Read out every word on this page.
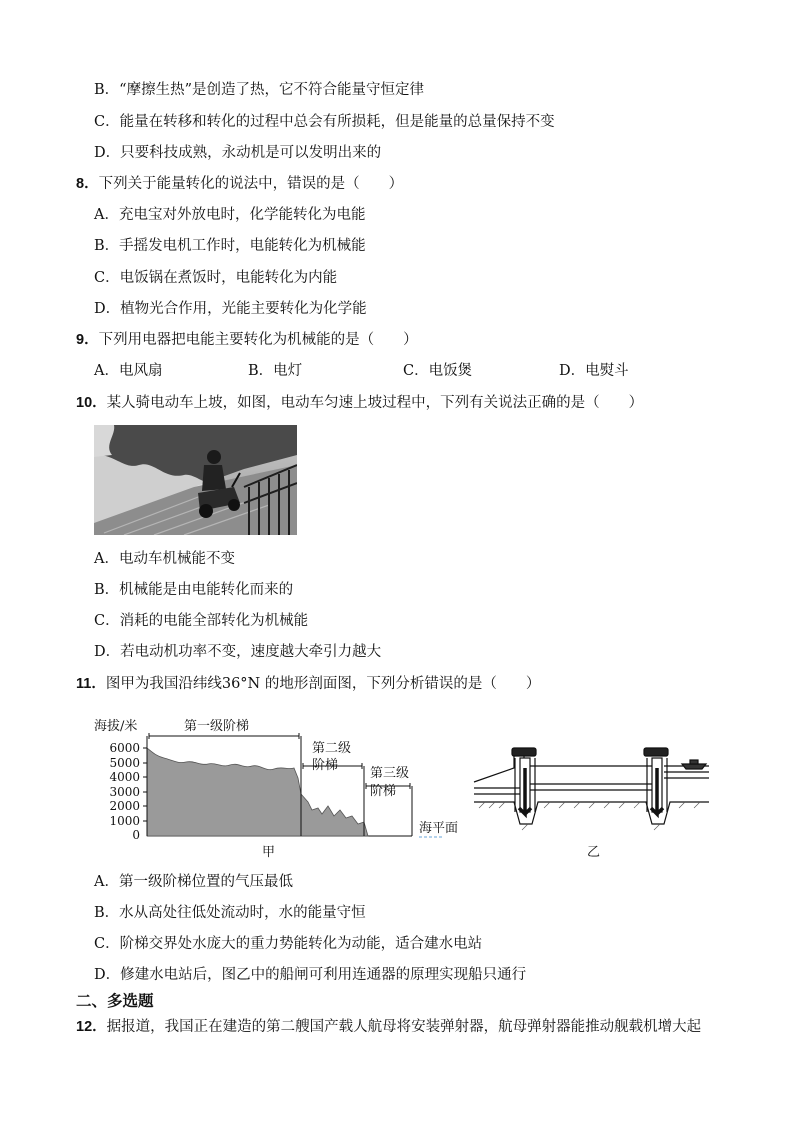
B．“摩擦生热”是创造了热，它不符合能量守恒定律
C．能量在转移和转化的过程中总会有所损耗，但是能量的总量保持不变
D．只要科技成熟，永动机是可以发明出来的
8．下列关于能量转化的说法中，错误的是（　　）
A．充电宝对外放电时，化学能转化为电能
B．手摇发电机工作时，电能转化为机械能
C．电饭锅在煮饭时，电能转化为内能
D．植物光合作用，光能主要转化为化学能
9．下列用电器把电能主要转化为机械能的是（　　）
A．电风扇	B．电灯	C．电饭煲	D．电熨斗
10．某人骑电动车上坡，如图，电动车匀速上坡过程中，下列有关说法正确的是（　　）
A．电动车机械能不变
B．机械能是由电能转化而来的
C．消耗的电能全部转化为机械能
D．若电动机功率不变，速度越大牵引力越大
11．图甲为我国沿纬线36°N 的地形剖面图，下列分析错误的是（　　）
海拔/米
6000
5000
4000
3000
2000
1000
0
第一级阶梯
第二级
阶梯
第三级
阶梯
海平面
甲	乙
A．第一级阶梯位置的气压最低
B．水从高处往低处流动时，水的能量守恒
C．阶梯交界处水庞大的重力势能转化为动能，适合建水电站
D．修建水电站后，图乙中的船闸可利用连通器的原理实现船只通行
二、多选题
12．据报道，我国正在建造的第二艘国产载人航母将安装弹射器，航母弹射器能推动舰载机增大起
